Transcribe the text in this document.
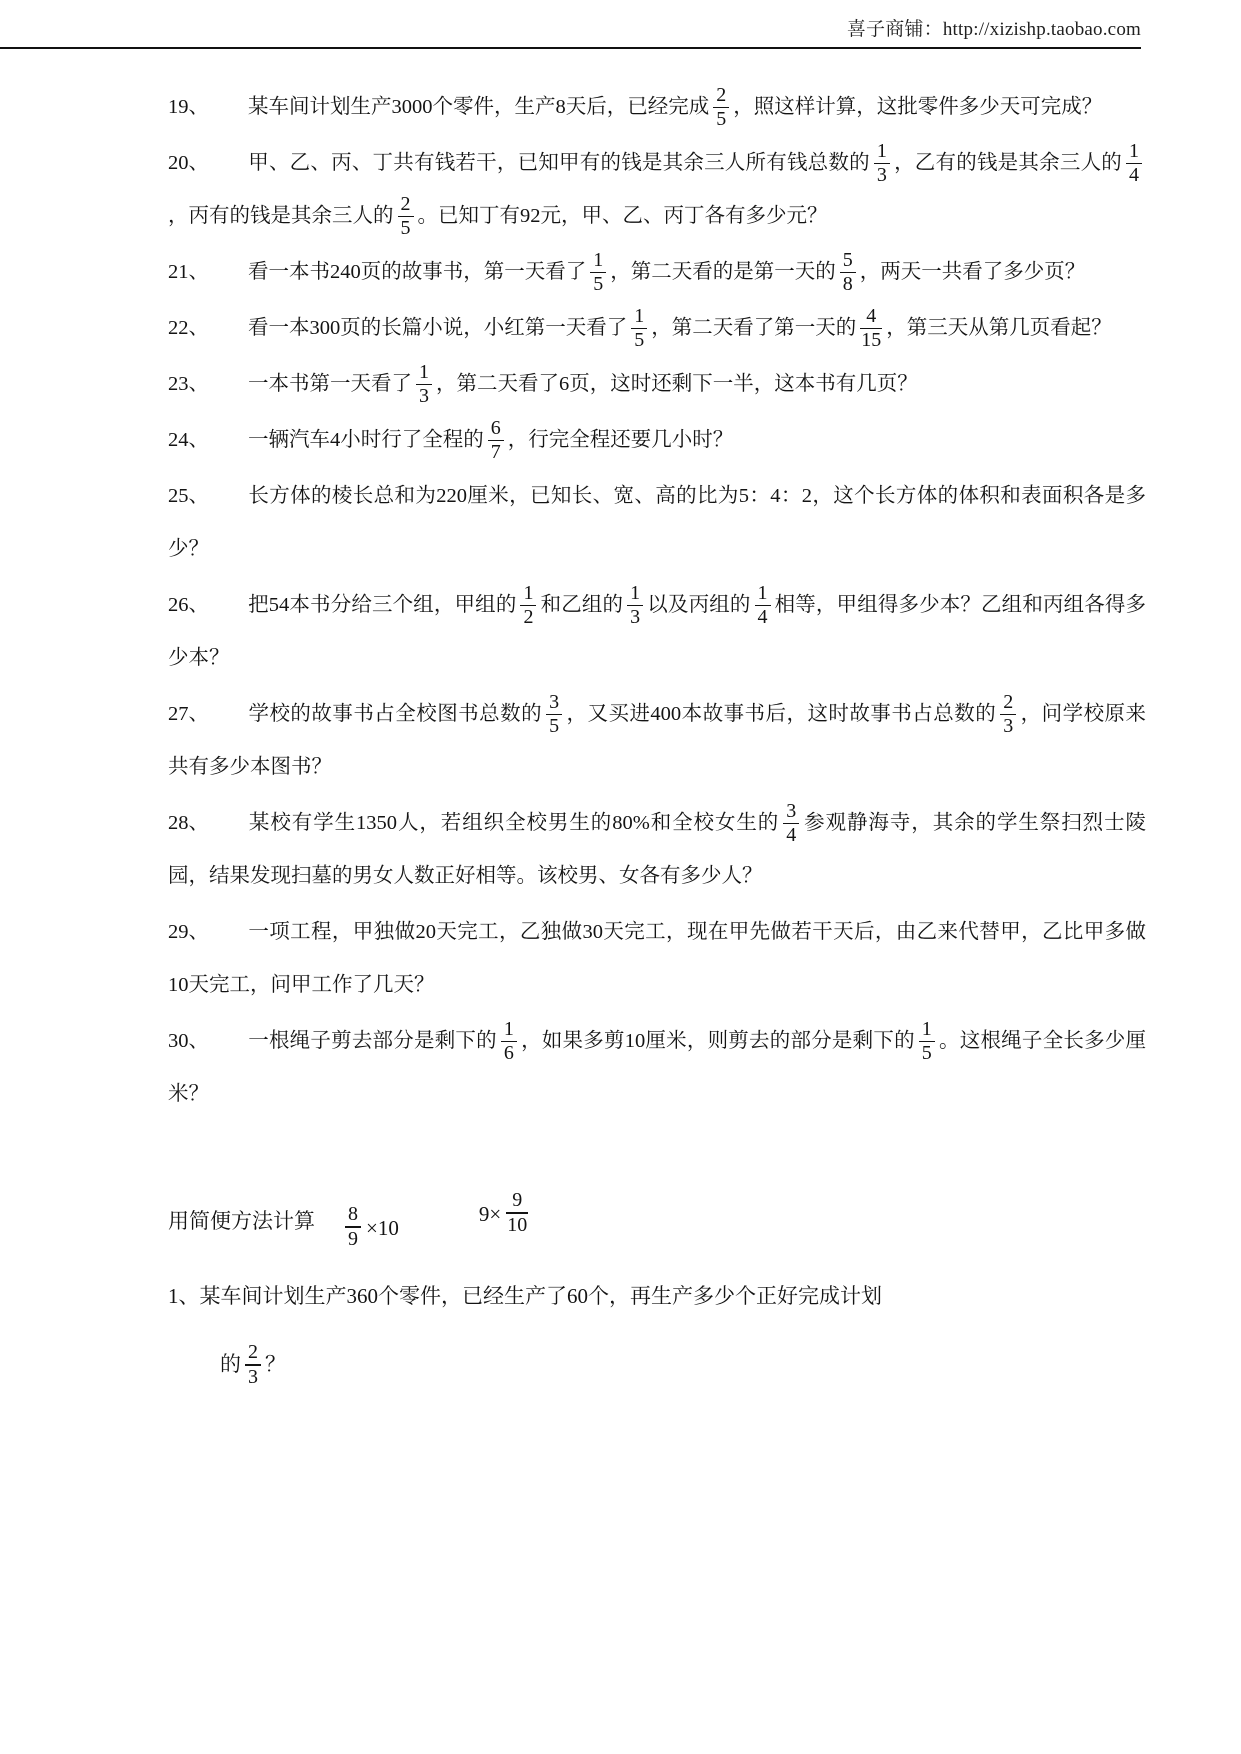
喜子商铺：http://xizishp.taobao.com

19、 某车间计划生产3000个零件，生产8天后，已经完成 $\frac{2}{5}$ ，照这样计算，这批零件多少天可完成？

20、 甲、乙、丙、丁共有钱若干，已知甲有的钱是其余三人所有钱总数的 $\frac{1}{3}$ ，乙有的钱是其余三人的 $\frac{1}{4}$
，丙有的钱是其余三人的 $\frac{2}{5}$ 。已知丁有92元，甲、乙、丙丁各有多少元？

21、 看一本书240页的故事书，第一天看了 $\frac{1}{5}$ ，第二天看的是第一天的 $\frac{5}{8}$ ，两天一共看了多少页？

22、 看一本300页的长篇小说，小红第一天看了 $\frac{1}{5}$ ，第二天看了第一天的 $\frac{4}{15}$ ，第三天从第几页看起？

23、 一本书第一天看了 $\frac{1}{3}$ ，第二天看了6页，这时还剩下一半，这本书有几页？

24、 一辆汽车4小时行了全程的 $\frac{6}{7}$ ，行完全程还要几小时？

25、 长方体的棱长总和为220厘米，已知长、宽、高的比为5：4：2，这个长方体的体积和表面积各是多少？

26、 把54本书分给三个组，甲组的 $\frac{1}{2}$ 和乙组的 $\frac{1}{3}$ 以及丙组的 $\frac{1}{4}$ 相等，甲组得多少本？乙组和丙组各得多少本？

27、 学校的故事书占全校图书总数的 $\frac{3}{5}$ ，又买进400本故事书后，这时故事书占总数的 $\frac{2}{3}$ ，问学校原来共有多少本图书？

28、 某校有学生1350人，若组织全校男生的80%和全校女生的 $\frac{3}{4}$ 参观静海寺，其余的学生祭扫烈士陵园，结果发现扫墓的男女人数正好相等。该校男、女各有多少人？

29、 一项工程，甲独做20天完工，乙独做30天完工，现在甲先做若干天后，由乙来代替甲，乙比甲多做10天完工，问甲工作了几天？

30、 一根绳子剪去部分是剩下的 $\frac{1}{6}$ ，如果多剪10厘米，则剪去的部分是剩下的 $\frac{1}{5}$ 。这根绳子全长多少厘米？

用简便方法计算 $\frac{8}{9} \times 10$
$9\times \frac{9}{10}$
1、某车间计划生产360个零件，已经生产了60个，再生产多少个正好完成计划
的 $\frac{2}{3}$ ？
